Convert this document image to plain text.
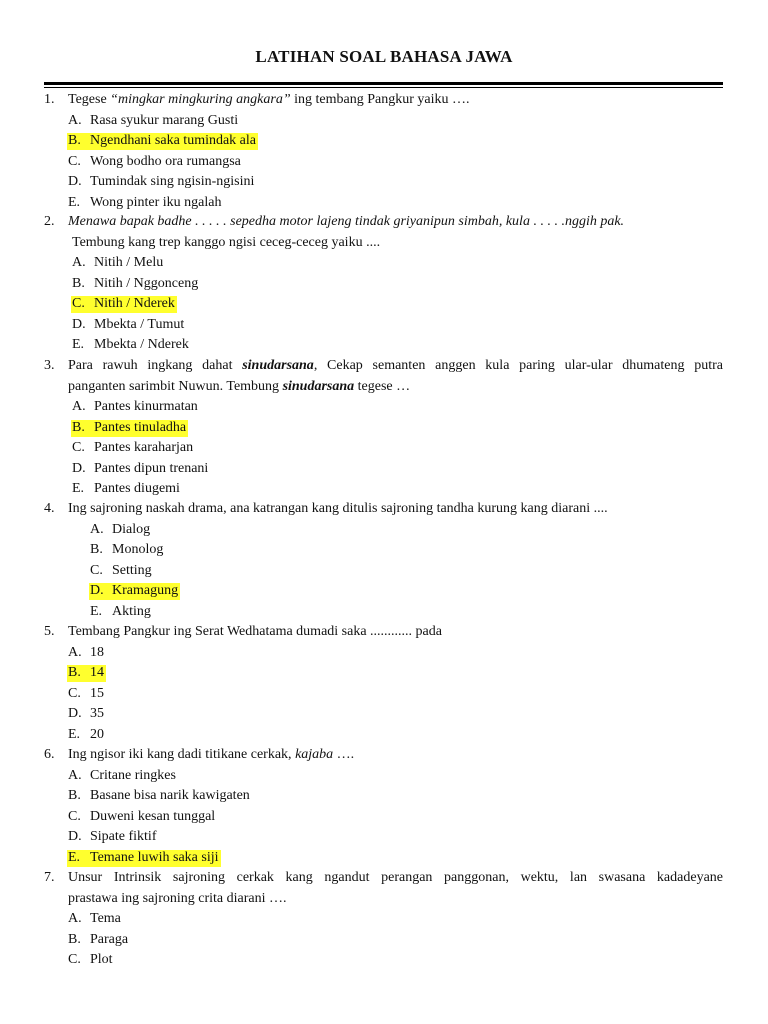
LATIHAN SOAL BAHASA JAWA
1. Tegese “mingkar mingkuring angkara” ing tembang Pangkur yaiku ….
A. Rasa syukur marang Gusti
B. Ngendhani saka tumindak ala
C. Wong bodho ora rumangsa
D. Tumindak sing ngisin-ngisini
E. Wong pinter iku ngalah
2. Menawa bapak badhe . . . . . sepedha motor lajeng tindak griyanipun simbah, kula . . . . .nggih pak.
Tembung kang trep kanggo ngisi ceceg-ceceg yaiku ....
A. Nitih / Melu
B. Nitih / Nggonceng
C. Nitih / Nderek
D. Mbekta / Tumut
E. Mbekta / Nderek
3. Para rawuh ingkang dahat sinudarsana, Cekap semanten anggen kula paring ular-ular dhumateng putra
panganten sarimbit Nuwun. Tembung sinudarsana tegese …
A. Pantes kinurmatan
B. Pantes tinuladha
C. Pantes karaharjan
D. Pantes dipun trenani
E. Pantes diugemi
4. Ing sajroning naskah drama, ana katrangan kang ditulis sajroning tandha kurung kang diarani ....
A. Dialog
B. Monolog
C. Setting
D. Kramagung
E. Akting
5. Tembang Pangkur ing Serat Wedhatama dumadi saka ............ pada
A. 18
B. 14
C. 15
D. 35
E. 20
6. Ing ngisor iki kang dadi titikane cerkak, kajaba ….
A. Critane ringkes
B. Basane bisa narik kawigaten
C. Duweni kesan tunggal
D. Sipate fiktif
E. Temane luwih saka siji
7. Unsur Intrinsik sajroning cerkak kang ngandut perangan panggonan, wektu, lan swasana kadadeyane
prastawa ing sajroning crita diarani ….
A. Tema
B. Paraga
C. Plot
